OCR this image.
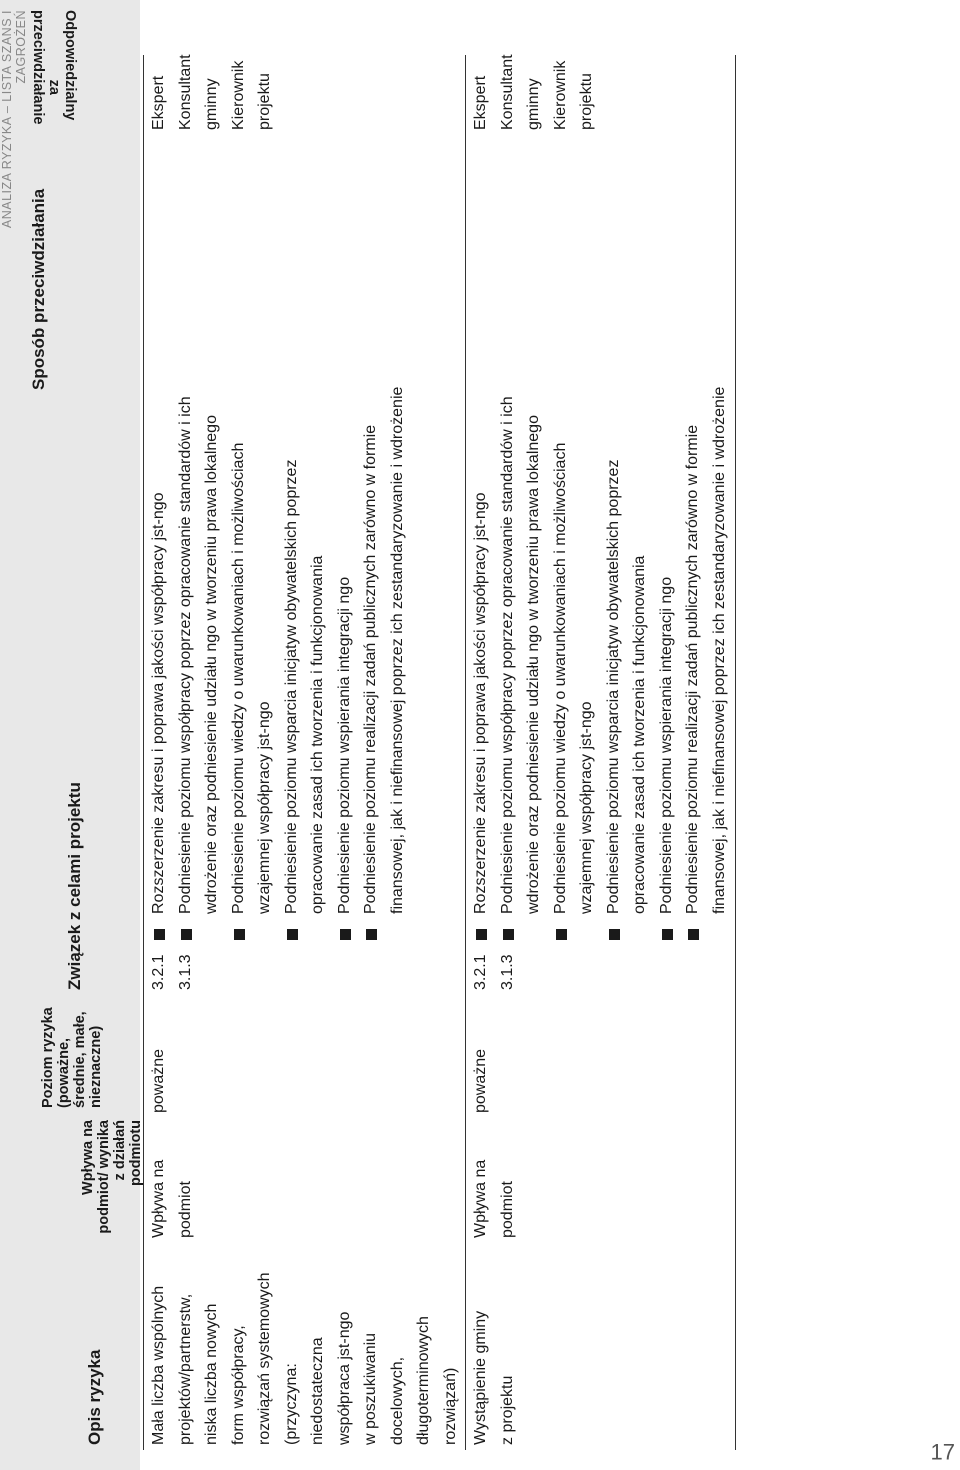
ANALIZA RYZYKA – LISTA SZANS I ZAGROŻEŃ
Opis ryzyka
Wpływa na podmiot/ wynika z działań podmiotu
Poziom ryzyka (poważne, średnie, małe, nieznaczne)
Związek z celami projektu
Sposób przeciwdziałania
Odpowiedzialny za przeciwdziałanie
Mała liczba wspólnych projektów/partnerstw, niska liczba nowych form współpracy, rozwiązań systemowych (przyczyna: niedostateczna współpraca jst-ngo w poszukiwaniu docelowych, długoterminowych rozwiązań)
Wpływa na podmiot
poważne
3.2.1 3.1.3
Rozszerzenie zakresu i poprawa jakości współpracy jst-ngo Podniesienie poziomu współpracy poprzez opracowanie standardów i ich wdrożenie oraz podniesienie udziału ngo w tworzeniu prawa lokalnego Podniesienie poziomu wiedzy o uwarunkowaniach i możliwościach wzajemnej współpracy jst-ngo Podniesienie poziomu wsparcia inicjatyw obywatelskich poprzez opracowanie zasad ich tworzenia i funkcjonowania Podniesienie poziomu wspierania integracji ngo Podniesienie poziomu realizacji zadań publicznych zarówno w formie finansowej, jak i niefinansowej poprzez ich zestandaryzowanie i wdrożenie
Ekspert Konsultant gminny Kierownik projektu
Wystąpienie gminy z projektu
Wpływa na podmiot
poważne
3.2.1 3.1.3
Rozszerzenie zakresu i poprawa jakości współpracy jst-ngo Podniesienie poziomu współpracy poprzez opracowanie standardów i ich wdrożenie oraz podniesienie udziału ngo w tworzeniu prawa lokalnego Podniesienie poziomu wiedzy o uwarunkowaniach i możliwościach wzajemnej współpracy jst-ngo Podniesienie poziomu wsparcia inicjatyw obywatelskich poprzez opracowanie zasad ich tworzenia i funkcjonowania Podniesienie poziomu wspierania integracji ngo Podniesienie poziomu realizacji zadań publicznych zarówno w formie finansowej, jak i niefinansowej poprzez ich zestandaryzowanie i wdrożenie
Ekspert Konsultant gminny Kierownik projektu
17
